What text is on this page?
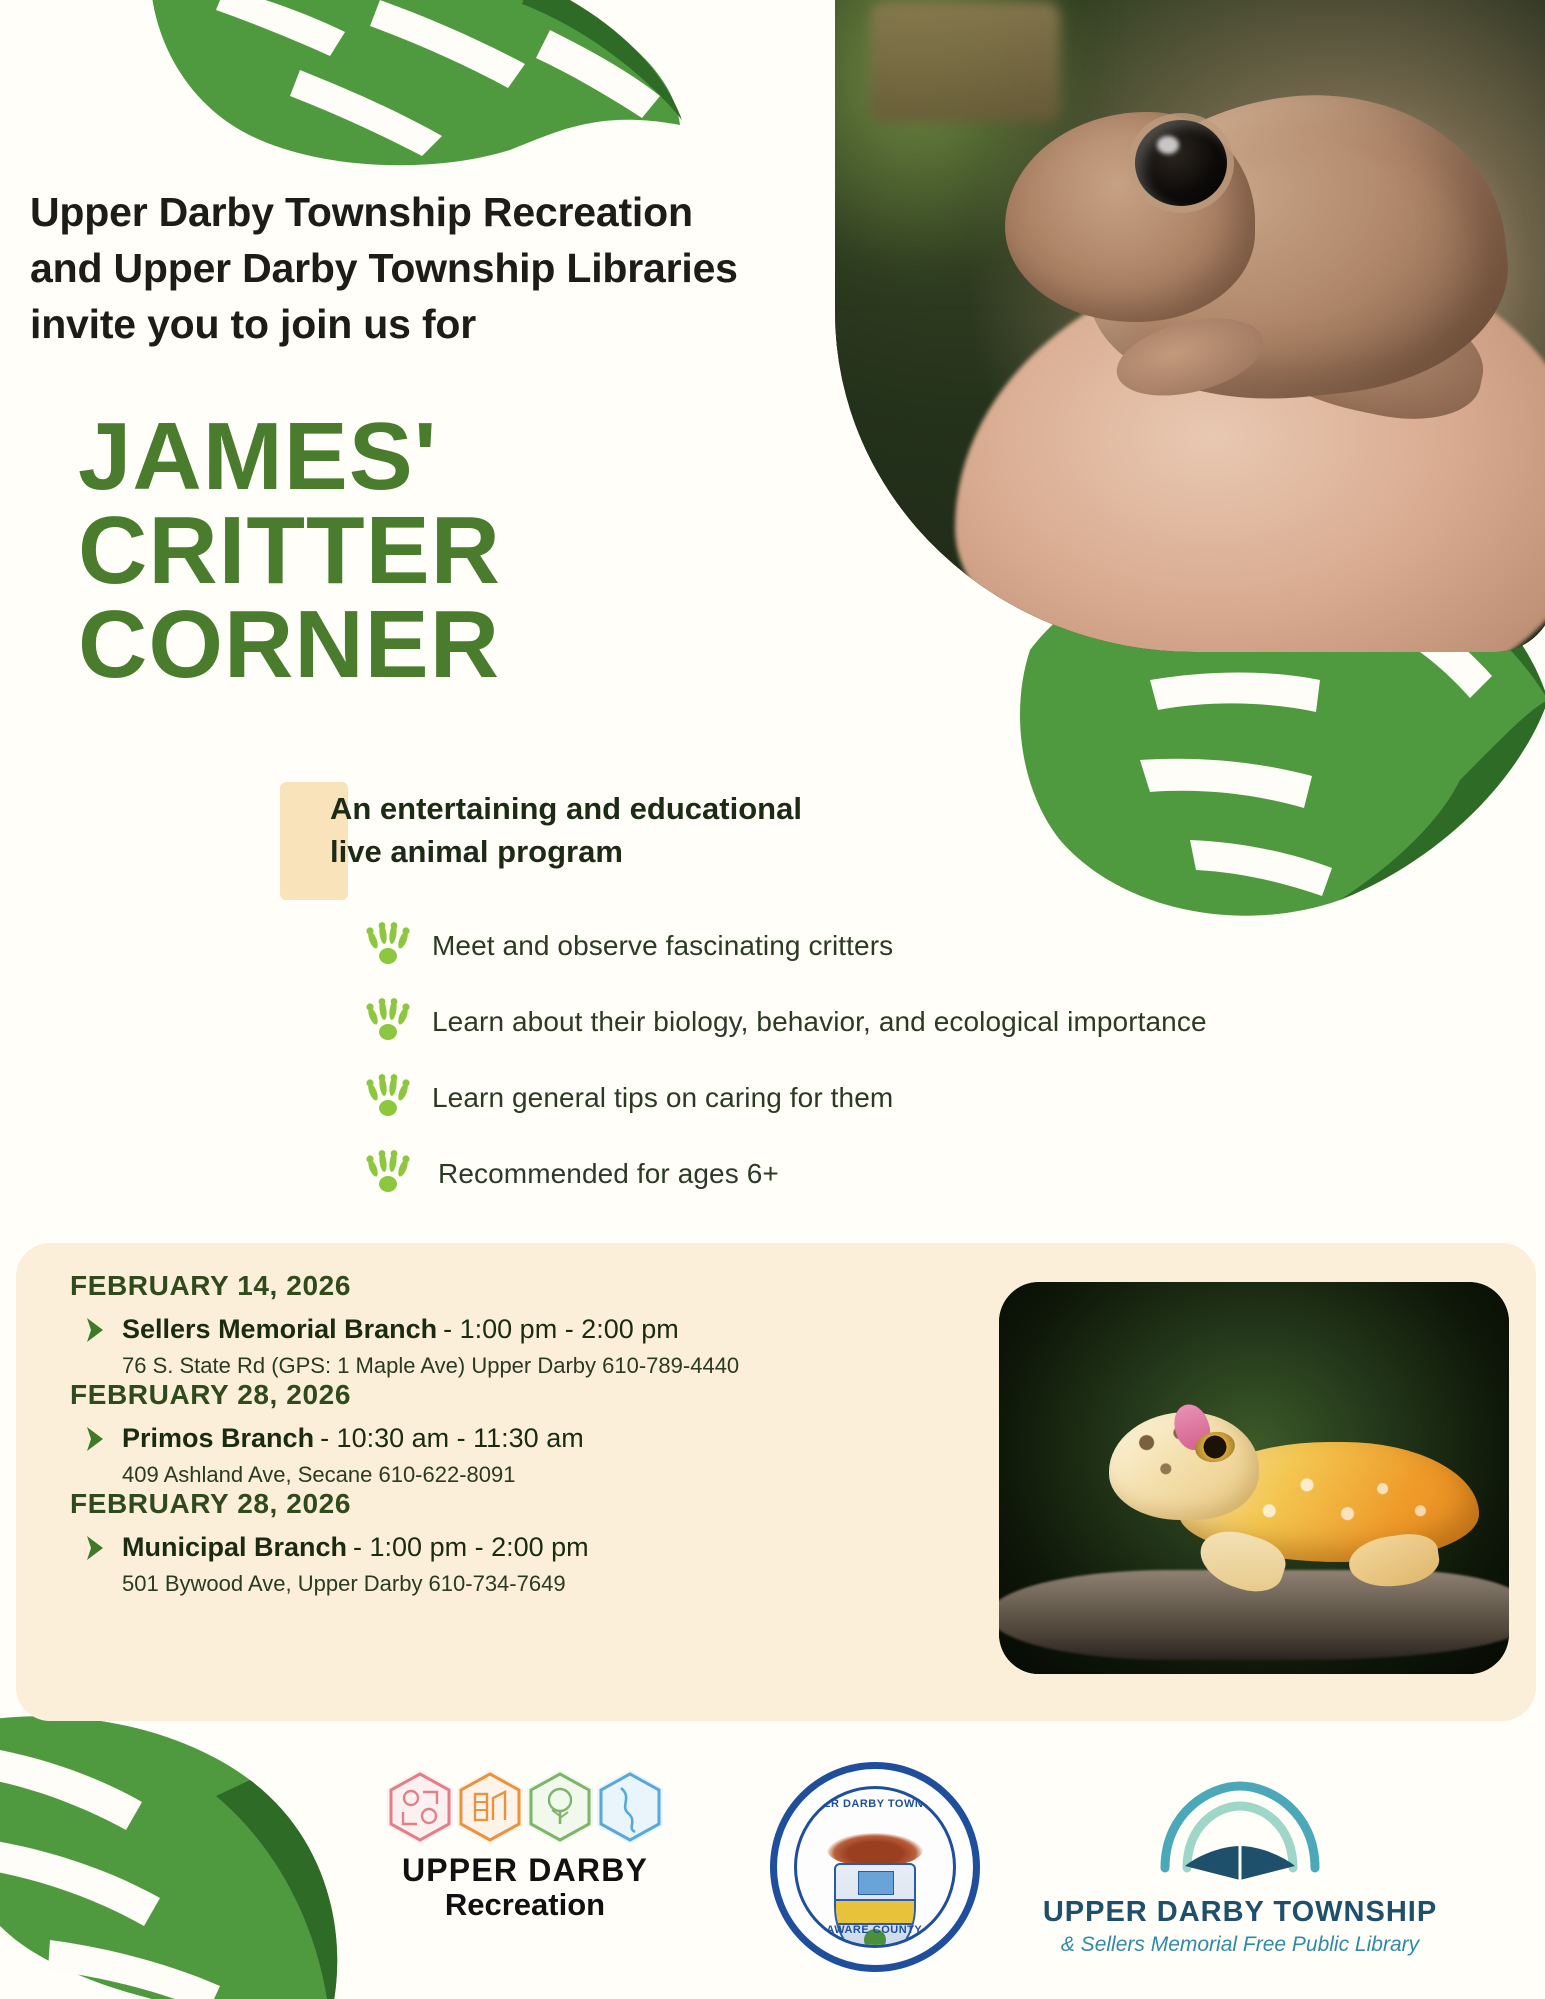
Upper Darby Township Recreation
and Upper Darby Township Libraries
invite you to join us for
JAMES'
CRITTER
CORNER
An entertaining and educational
live animal program
Meet and observe fascinating critters
Learn about their biology, behavior, and ecological importance
Learn general tips on caring for them
Recommended for ages 6+
FEBRUARY 14, 2026
Sellers Memorial Branch - 1:00 pm - 2:00 pm
76 S. State Rd (GPS: 1 Maple Ave) Upper Darby 610-789-4440
FEBRUARY 28, 2026
Primos Branch - 10:30 am - 11:30 am
409 Ashland Ave, Secane 610-622-8091
FEBRUARY 28, 2026
Municipal Branch - 1:00 pm - 2:00 pm
501 Bywood Ave, Upper Darby 610-734-7649
UPPER DARBY
Recreation
UPPER DARBY TOWNSHIP
DELAWARE COUNTY, PA.
UPPER DARBY TOWNSHIP
& Sellers Memorial Free Public Library
